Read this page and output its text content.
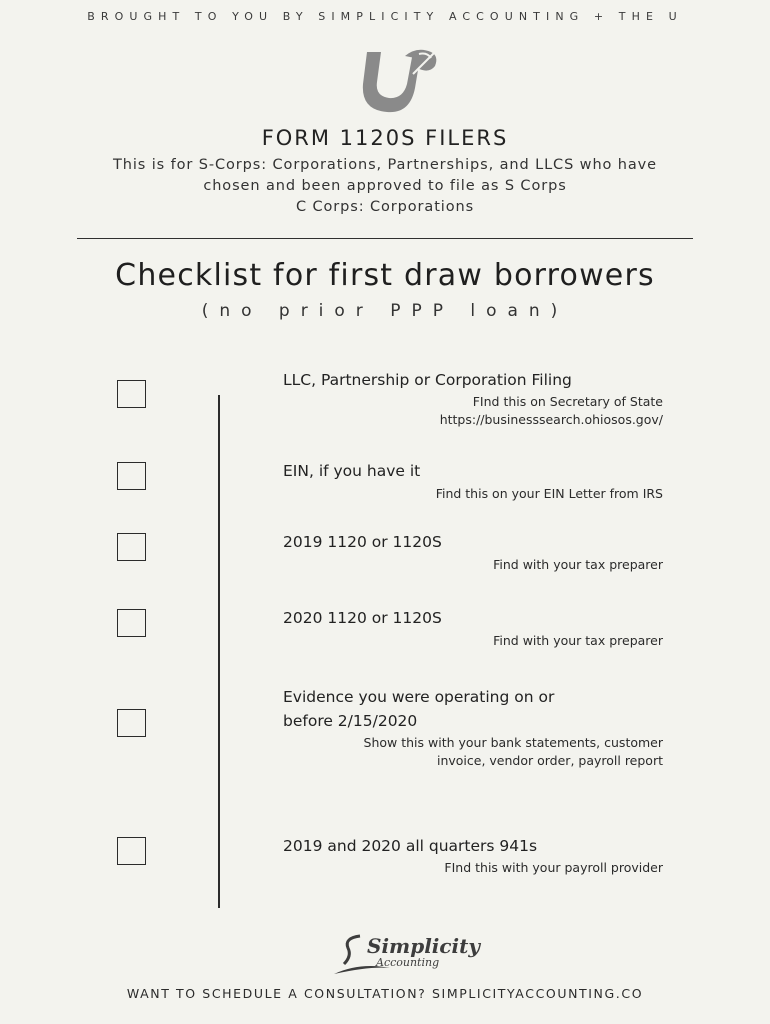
BROUGHT TO YOU BY SIMPLICITY ACCOUNTING + THE U
FORM 1120S FILERS
This is for S-Corps: Corporations, Partnerships, and LLCS who have
chosen and been approved to file as S Corps
C Corps: Corporations
Checklist for first draw borrowers
(no prior PPP loan)
LLC, Partnership or Corporation Filing
FInd this on Secretary of State
https://businesssearch.ohiosos.gov/
EIN, if you have it
Find this on your EIN Letter from IRS
2019 1120 or 1120S
Find with your tax preparer
2020 1120 or 1120S
Find with your tax preparer
Evidence you were operating on or
before 2/15/2020
Show this with your bank statements, customer
invoice, vendor order, payroll report
2019 and 2020 all quarters 941s
FInd this with your payroll provider
Simplicity
Accounting
WANT TO SCHEDULE A CONSULTATION? SIMPLICITYACCOUNTING.CO
